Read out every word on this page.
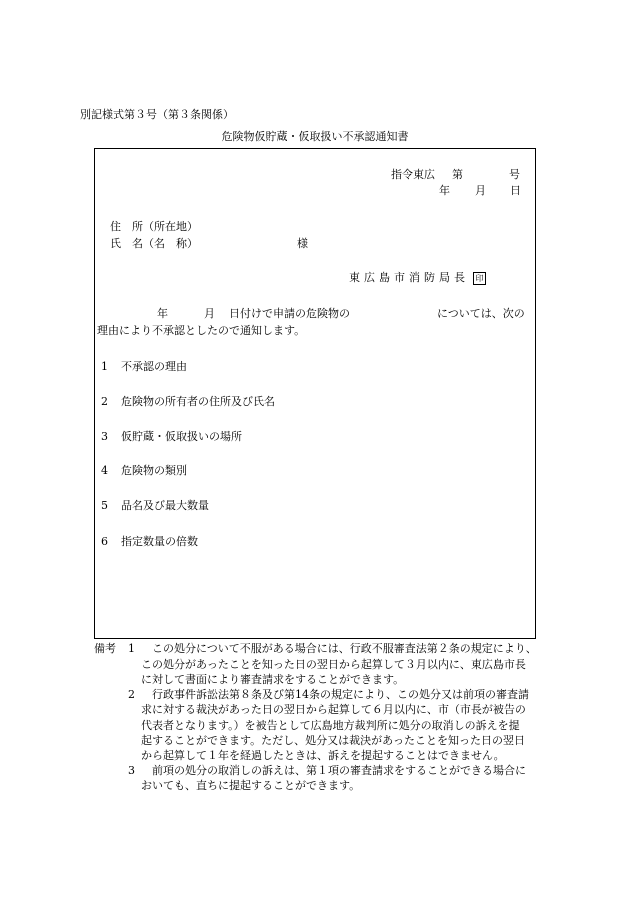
別記様式第３号（第３条関係）
危険物仮貯蔵・仮取扱い不承認通知書
指令東広 第	号
年 月 日
住　所（所在地）
氏　名（名　称）	様
東広島市消防局長 印
年	月 日付けで申請の危険物の	については、次の
理由により不承認としたので通知します。
1 不承認の理由
2 危険物の所有者の住所及び氏名
3 仮貯蔵・仮取扱いの場所
4 危険物の類別
5 品名及び最大数量
6 指定数量の倍数
備考 1 この処分について不服がある場合には、行政不服審査法第２条の規定により、
この処分があったことを知った日の翌日から起算して３月以内に、東広島市長
に対して書面により審査請求をすることができます。
2 行政事件訴訟法第８条及び第14条の規定により、この処分又は前項の審査請
求に対する裁決があった日の翌日から起算して６月以内に、市（市長が被告の
代表者となります。）を被告として広島地方裁判所に処分の取消しの訴えを提
起することができます。ただし、処分又は裁決があったことを知った日の翌日
から起算して１年を経過したときは、訴えを提起することはできません。
3 前項の処分の取消しの訴えは、第１項の審査請求をすることができる場合に
おいても、直ちに提起することができます。
